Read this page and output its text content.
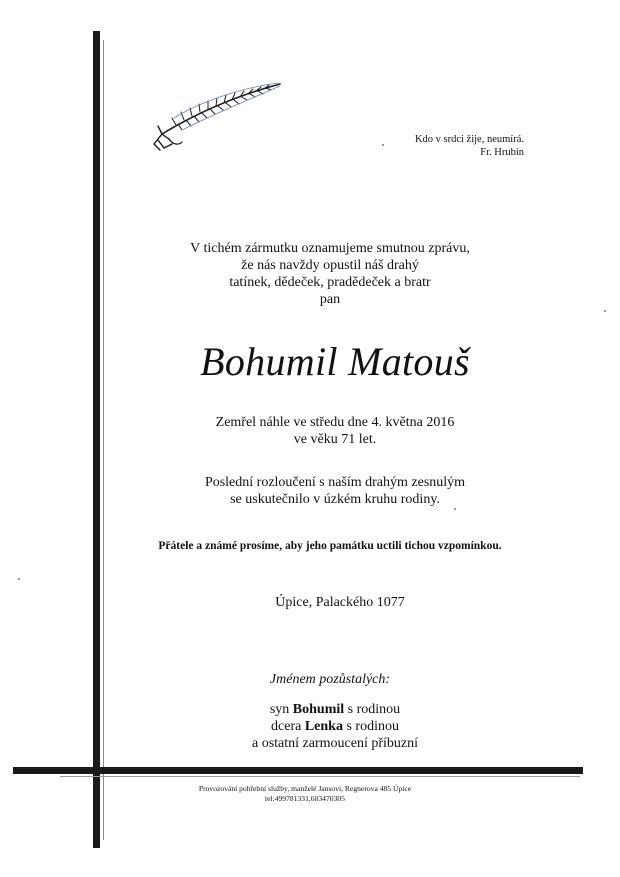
Kdo v srdci žije, neumírá.
Fr. Hrubín
V tichém zármutku oznamujeme smutnou zprávu,
že nás navždy opustil náš drahý
tatínek, dědeček, pradědeček a bratr
pan
Bohumil Matouš
Zemřel náhle ve středu dne 4. května 2016
ve věku 71 let.
Poslední rozloučení s naším drahým zesnulým
se uskutečnilo v úzkém kruhu rodiny.
Přátele a známé prosíme, aby jeho památku uctili tichou vzpomínkou.
Úpice, Palackého 1077
Jménem pozůstalých:
syn Bohumil s rodinou
dcera Lenka s rodinou
a ostatní zarmoucení příbuzní
Provozování pohřební služby, manželé Jansovi, Regnerova 485 Úpice
tel:499781331,603470305
